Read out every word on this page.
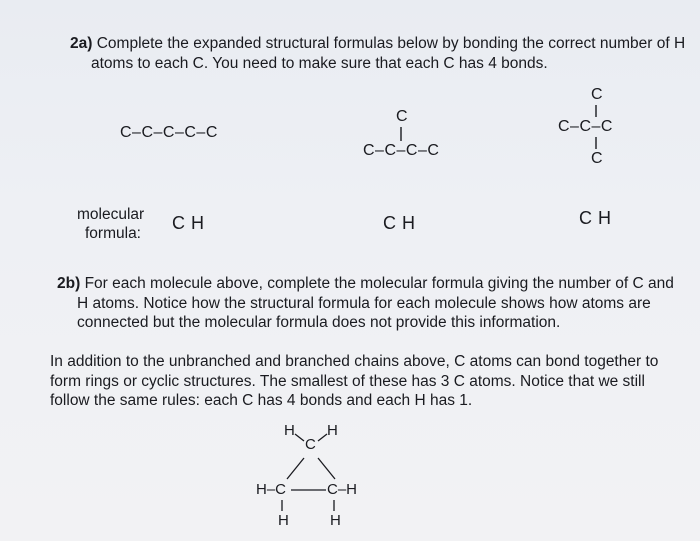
2a) Complete the expanded structural formulas below by bonding the correct number of H
atoms to each C. You need to make sure that each C has 4 bonds.
C–C–C–C–C
C
C–C–C–C
C
C–C–C
C
molecular
formula:
C H	C H	C H
2b) For each molecule above, complete the molecular formula giving the number of C and
H atoms. Notice how the structural formula for each molecule shows how atoms are
connected but the molecular formula does not provide this information.
In addition to the unbranched and branched chains above, C atoms can bond together to
form rings or cyclic structures. The smallest of these has 3 C atoms. Notice that we still
follow the same rules: each C has 4 bonds and each H has 1.
H H
C
H–C	C–H
H	H
